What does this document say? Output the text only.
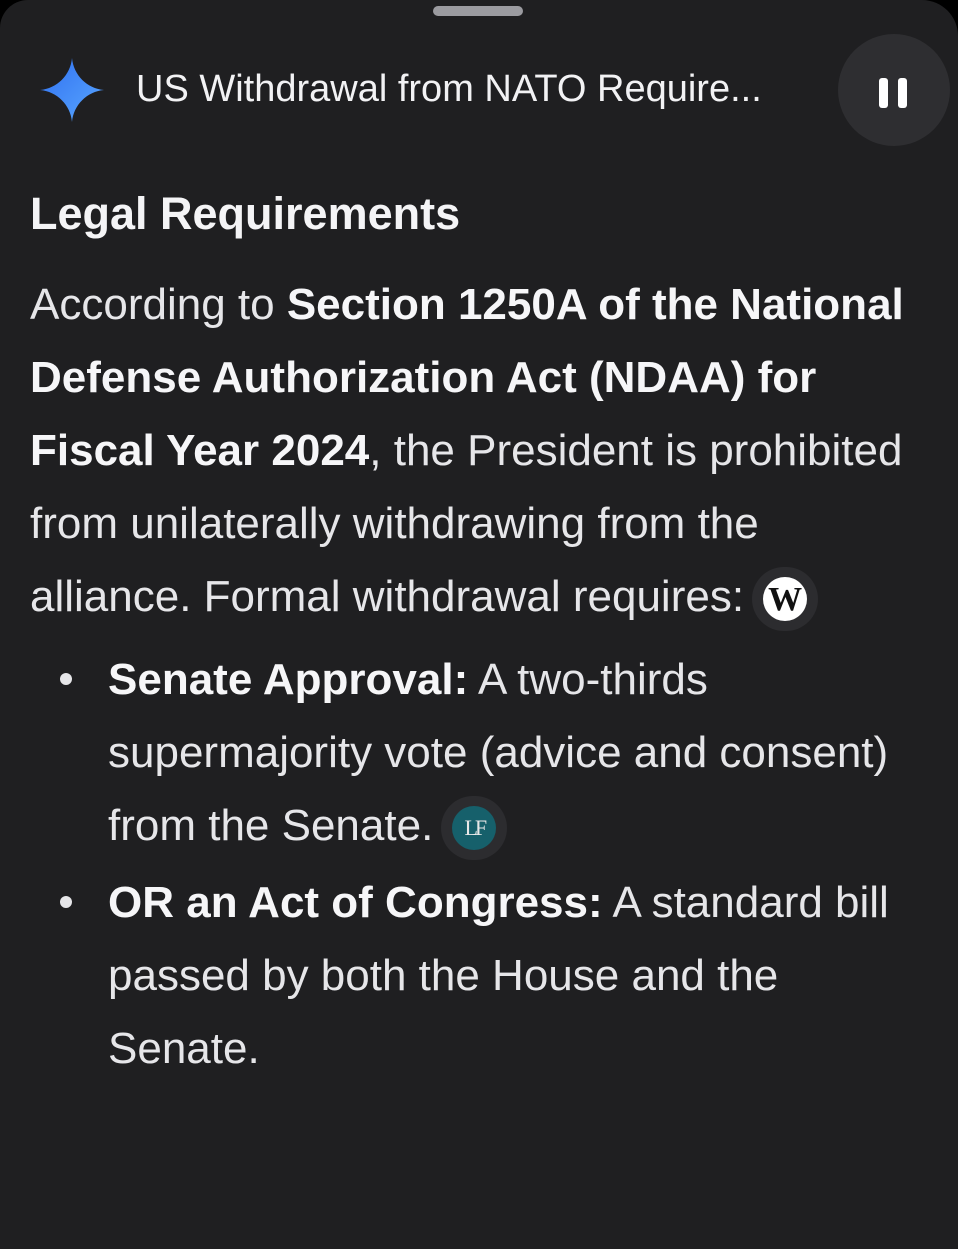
US Withdrawal from NATO Require...
Legal Requirements
According to Section 1250A of the National Defense Authorization Act (NDAA) for Fiscal Year 2024, the President is prohibited from unilaterally withdrawing from the alliance. Formal withdrawal requires: W
Senate Approval: A two-thirds supermajority vote (advice and consent) from the Senate.	LF
OR an Act of Congress: A standard bill passed by both the House and the Senate.
